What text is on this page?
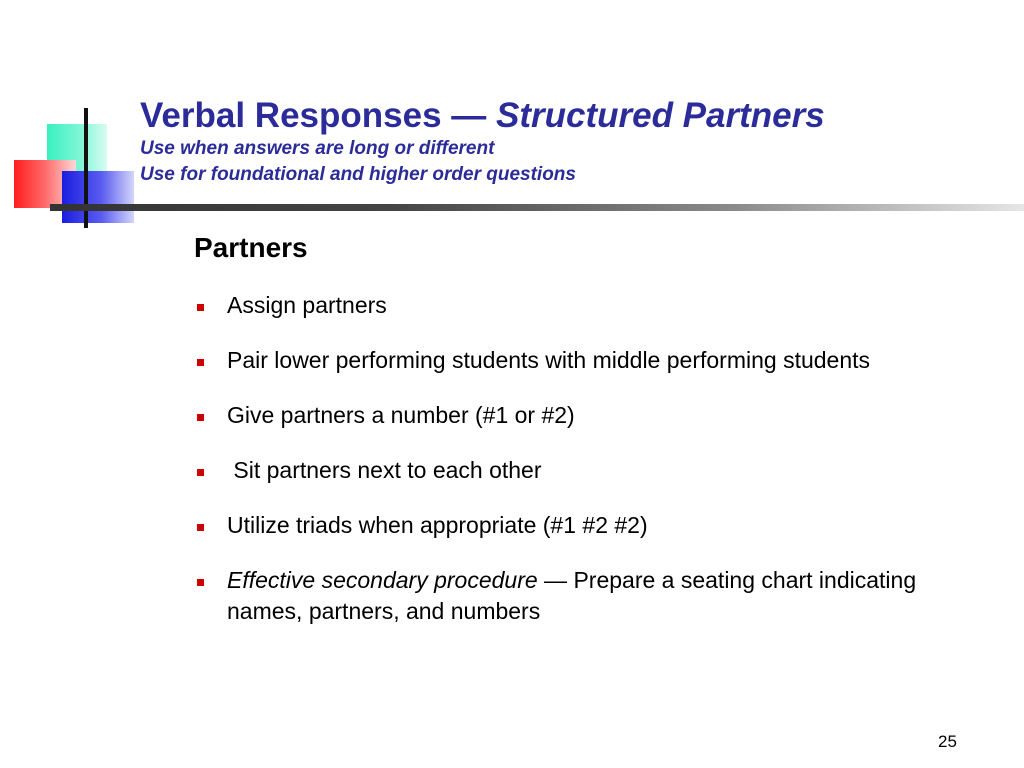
Verbal Responses — Structured Partners
Use when answers are long or different
Use for foundational and higher order questions
Partners
Assign partners
Pair lower performing students with middle performing students
Give partners a number (#1 or #2)
Sit partners next to each other
Utilize triads when appropriate (#1 #2 #2)
Effective secondary procedure — Prepare a seating chart indicating names, partners, and numbers
25
